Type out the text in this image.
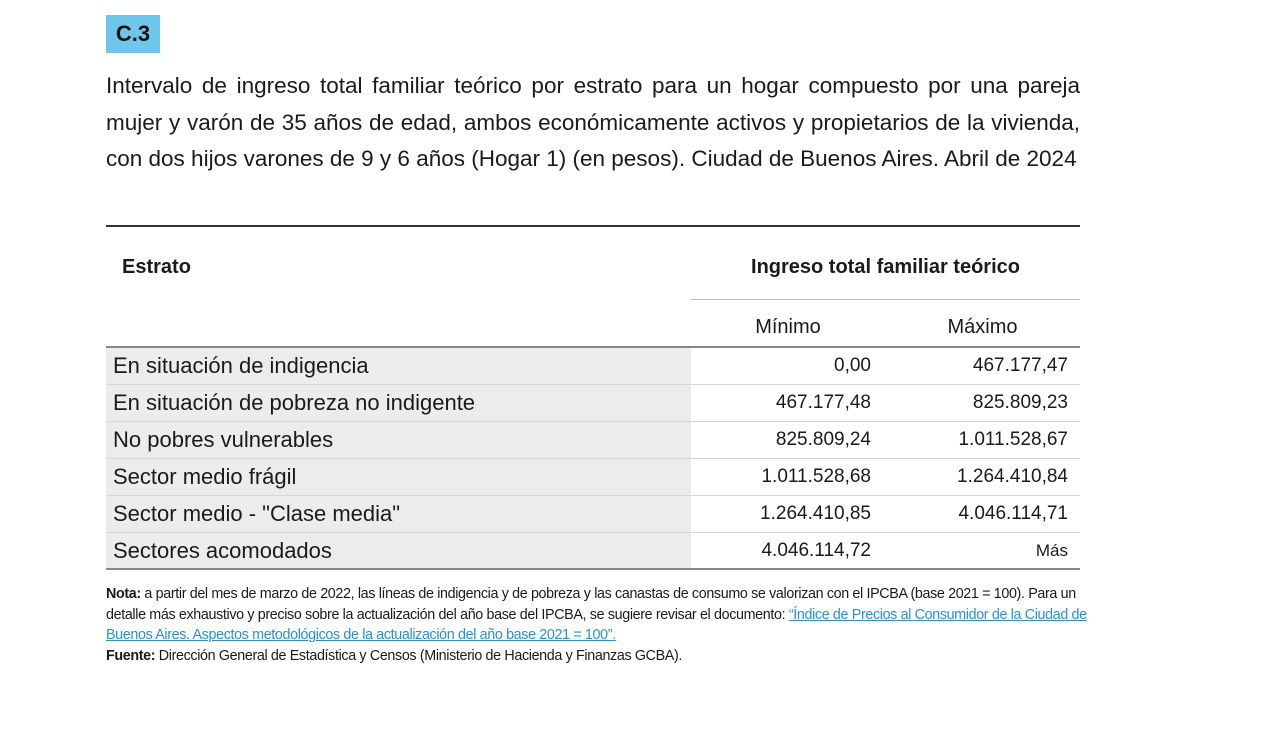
C.3
Intervalo de ingreso total familiar teórico por estrato para un hogar compuesto por una pareja mujer y varón de 35 años de edad, ambos económicamente activos y propietarios de la vivienda, con dos hijos varones de 9 y 6 años (Hogar 1) (en pesos). Ciudad de Buenos Aires. Abril de 2024
Estrato	Ingreso total familiar teórico
Mínimo	Máximo
En situación de indigencia	0,00	467.177,47
En situación de pobreza no indigente	467.177,48	825.809,23
No pobres vulnerables	825.809,24	1.011.528,67
Sector medio frágil	1.011.528,68	1.264.410,84
Sector medio - "Clase media"	1.264.410,85	4.046.114,71
Sectores acomodados	4.046.114,72	Más
Nota: a partir del mes de marzo de 2022, las líneas de indigencia y de pobreza y las canastas de consumo se valorizan con el IPCBA (base 2021 = 100). Para un detalle más exhaustivo y preciso sobre la actualización del año base del IPCBA, se sugiere revisar el documento: “Índice de Precios al Consumidor de la Ciudad de Buenos Aires. Aspectos metodológicos de la actualización del año base 2021 = 100”.
Fuente: Dirección General de Estadística y Censos (Ministerio de Hacienda y Finanzas GCBA).
